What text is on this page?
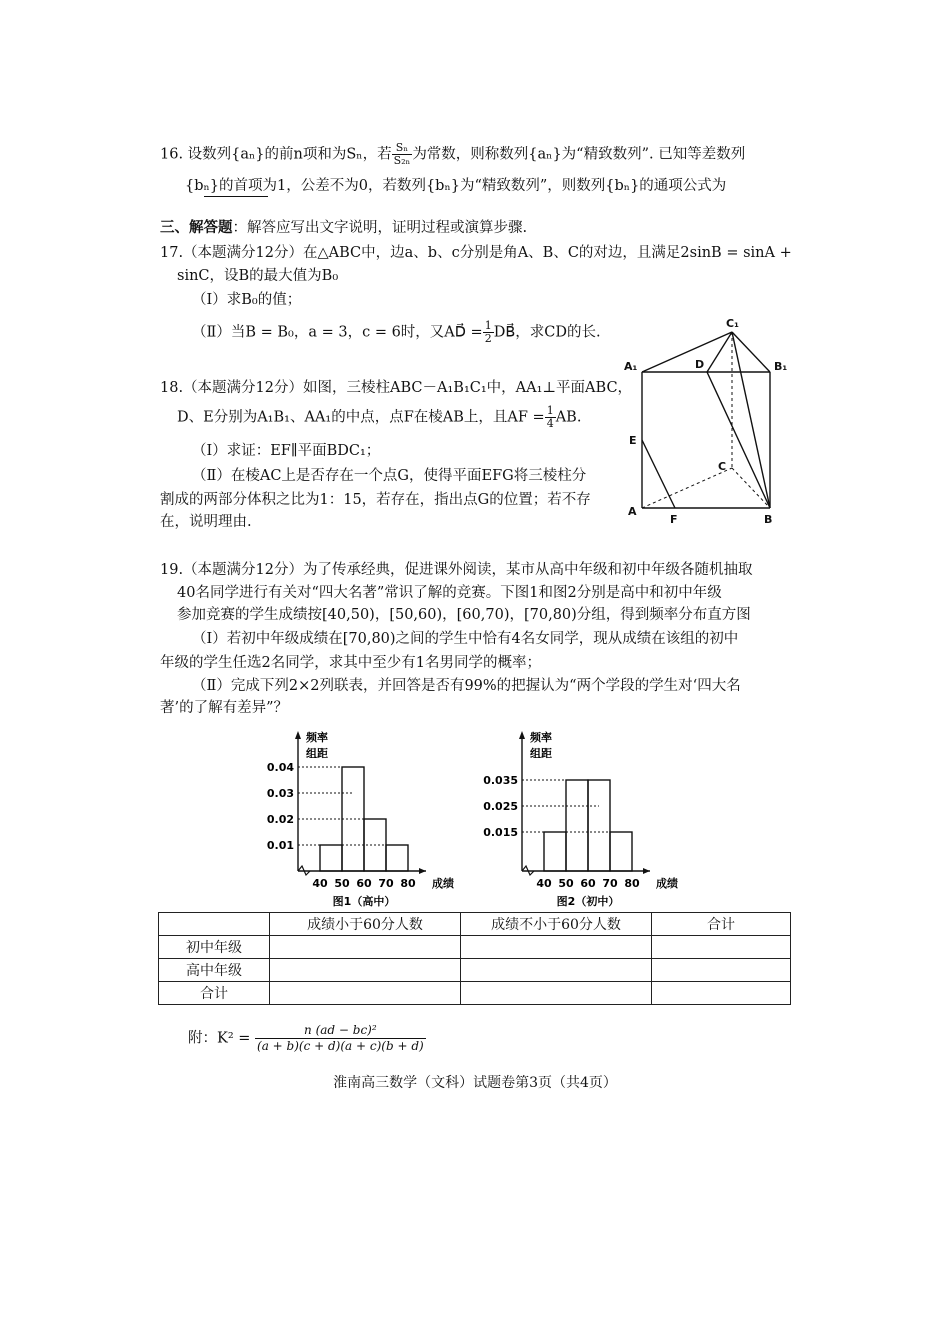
16. 设数列{aₙ}的前n项和为Sₙ，若 $\frac{\text{Sₙ}}{\text{S₂ₙ}}$ 为常数，则称数列{aₙ}为“精致数列”. 已知等差数列
{bₙ}的首项为1，公差不为0，若数列{bₙ}为“精致数列”，则数列{bₙ}的通项公式为
三、解答题：解答应写出文字说明，证明过程或演算步骤.
17.（本题满分12分）在△ABC中，边a、b、c分别是角A、B、C的对边，且满足2sinB = sinA +
sinC，设B的最大值为B₀
（Ⅰ）求B₀的值；
（Ⅱ）当B = B₀，a = 3，c = 6时，又AD⃗ = $\frac{1}{2}$ DB⃗，求CD的长.
18.（本题满分12分）如图，三棱柱ABC－A₁B₁C₁中，AA₁⊥平面ABC，
D、E分别为A₁B₁、AA₁的中点，点F在棱AB上，且AF = $\frac{1}{4}$ AB.
（Ⅰ）求证：EF∥平面BDC₁；
（Ⅱ）在棱AC上是否存在一个点G，使得平面EFG将三棱柱分
割成的两部分体积之比为1：15，若存在，指出点G的位置；若不存
在，说明理由.
C₁
A₁	D	B₁
E
C
A
F	B
19.（本题满分12分）为了传承经典，促进课外阅读，某市从高中年级和初中年级各随机抽取
40名同学进行有关对“四大名著”常识了解的竞赛。下图1和图2分别是高中和初中年级
参加竞赛的学生成绩按[40,50)，[50,60)，[60,70)，[70,80)分组，得到频率分布直方图
（Ⅰ）若初中年级成绩在[70,80)之间的学生中恰有4名女同学，现从成绩在该组的初中
年级的学生任选2名同学，求其中至少有1名男同学的概率；
（Ⅱ）完成下列2×2列联表，并回答是否有99%的把握认为“两个学段的学生对‘四大名
著’的了解有差异”？
频率
组距
0.01
0.02
0.03
0.04
40 50 60 70 80 成绩
图1（高中）
频率
组距
0.015
0.025
0.035
40 50 60 70 80 成绩
图2（初中）
	成绩小于60分人数	成绩不小于60分人数	合计
初中年级			
高中年级			
合计			
附：$K^2 = \frac{\text{n (ad − bc)²}}{(a + b)(c + d)(a + c)(b + d)}$
淮南高三数学（文科）试题卷第3页（共4页）
